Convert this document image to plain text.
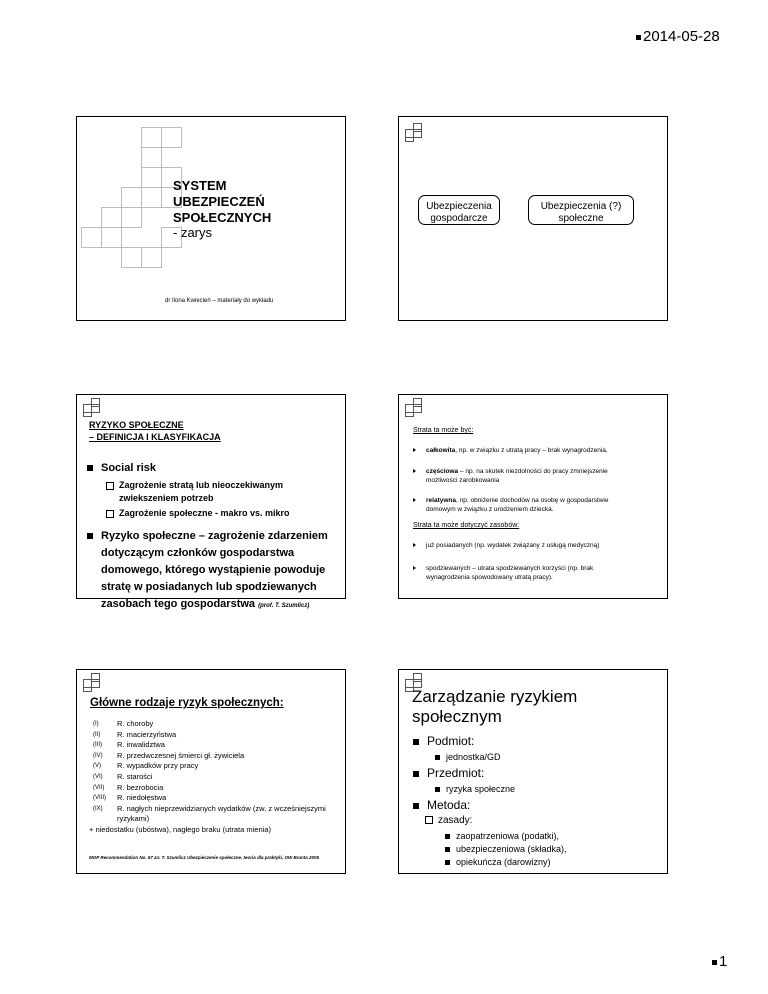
2014-05-28
SYSTEM
UBEZPIECZEŃ
SPOŁECZNYCH
- zarys
dr Ilona Kwiecień – materiały do wykładu
Ubezpieczenia
gospodarcze
Ubezpieczenia (?)
społeczne
RYZYKO SPOŁECZNE
– DEFINICJA I KLASYFIKACJA
Social risk
Zagrożenie stratą lub nieoczekiwanym
zwiekszeniem potrzeb
Zagrożenie społeczne - makro vs. mikro
Ryzyko społeczne – zagrożenie zdarzeniem
dotyczącym członków gospodarstwa
domowego, którego wystąpienie powoduje
stratę w posiadanych lub spodziewanych
zasobach tego gospodarstwa (prof. T. Szumlicz)
Strata ta może być:
całkowita, np. w związku z utratą pracy – brak wynagrodzenia,
częściowa – np. na skutek niezdolności do pracy zmniejszenie
możliwości zarobkowania
relatywna, np. obniżenie dochodów na osobę w gospodarstwie
domowym w związku z urodzeniem dziecka.
Strata ta może dotyczyć zasobów:
już posiadanych (np. wydatek związany z usługą medyczną)
spodziewanych – utrata spodziewanych korzyści (np. brak
wynagrodzenia spowodowany utratą pracy).
Główne rodzaje ryzyk społecznych:
(I) R. choroby
(II) R. macierzyństwa
(III) R. inwalidztwa
(IV) R. przedwczesnej śmierci gł. żywiciela
(V) R. wypadków przy pracy
(VI) R. starości
(VII) R. bezrobocia
(VIII) R. niedołęstwa
(IX) R. nagłych nieprzewidzianych wydatków (zw. z wcześniejszymi
ryzykami)
+ niedostatku (ubóstwa), nagłego braku (utrata mienia)
MOP Recommendation No. 67 za: T. Szumlicz Ubezpieczenie społeczne, teoria dla praktyki, OW Branta 2005
Zarządzanie ryzykiem
społecznym
Podmiot:
jednostka/GD
Przedmiot:
ryzyka społeczne
Metoda:
zasady:
zaopatrzeniowa (podatki),
ubezpieczeniowa (składka),
opiekuńcza (darowizny)
1
